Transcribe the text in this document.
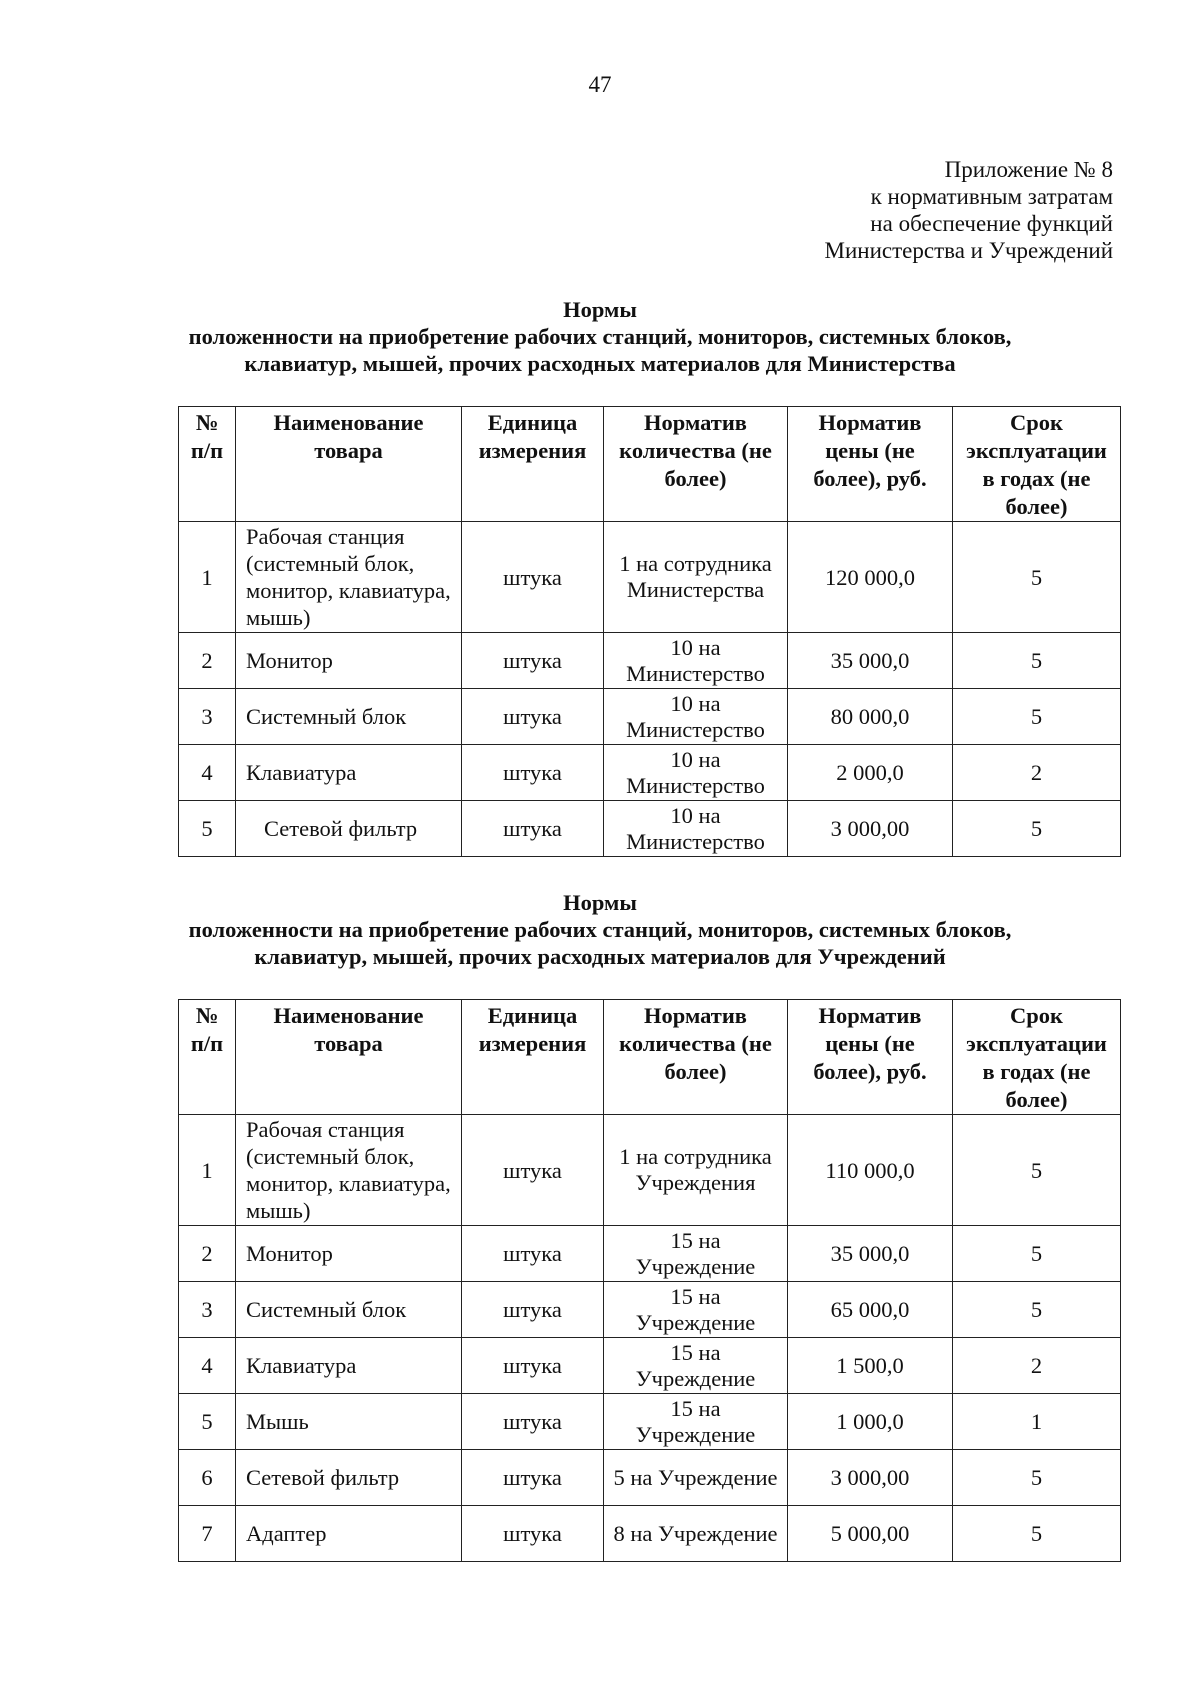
47
Приложение № 8
к нормативным затратам
на обеспечение функций
Министерства и Учреждений
Нормы
положенности на приобретение рабочих станций, мониторов, системных блоков,
клавиатур, мышей, прочих расходных материалов для Министерства
№ п/п	Наименование товара	Единица измерения	Норматив количества (не более)	Норматив цены (не более), руб.	Срок эксплуатации в годах (не более)
1	Рабочая станция (системный блок, монитор, клавиатура, мышь)	штука	1 на сотрудника Министерства	120 000,0	5
2	Монитор	штука	10 на Министерство	35 000,0	5
3	Системный блок	штука	10 на Министерство	80 000,0	5
4	Клавиатура	штука	10 на Министерство	2 000,0	2
5	Сетевой фильтр	штука	10 на Министерство	3 000,00	5
Нормы
положенности на приобретение рабочих станций, мониторов, системных блоков,
клавиатур, мышей, прочих расходных материалов для Учреждений
№ п/п	Наименование товара	Единица измерения	Норматив количества (не более)	Норматив цены (не более), руб.	Срок эксплуатации в годах (не более)
1	Рабочая станция (системный блок, монитор, клавиатура, мышь)	штука	1 на сотрудника Учреждения	110 000,0	5
2	Монитор	штука	15 на Учреждение	35 000,0	5
3	Системный блок	штука	15 на Учреждение	65 000,0	5
4	Клавиатура	штука	15 на Учреждение	1 500,0	2
5	Мышь	штука	15 на Учреждение	1 000,0	1
6	Сетевой фильтр	штука	5 на Учреждение	3 000,00	5
7	Адаптер	штука	8 на Учреждение	5 000,00	5
